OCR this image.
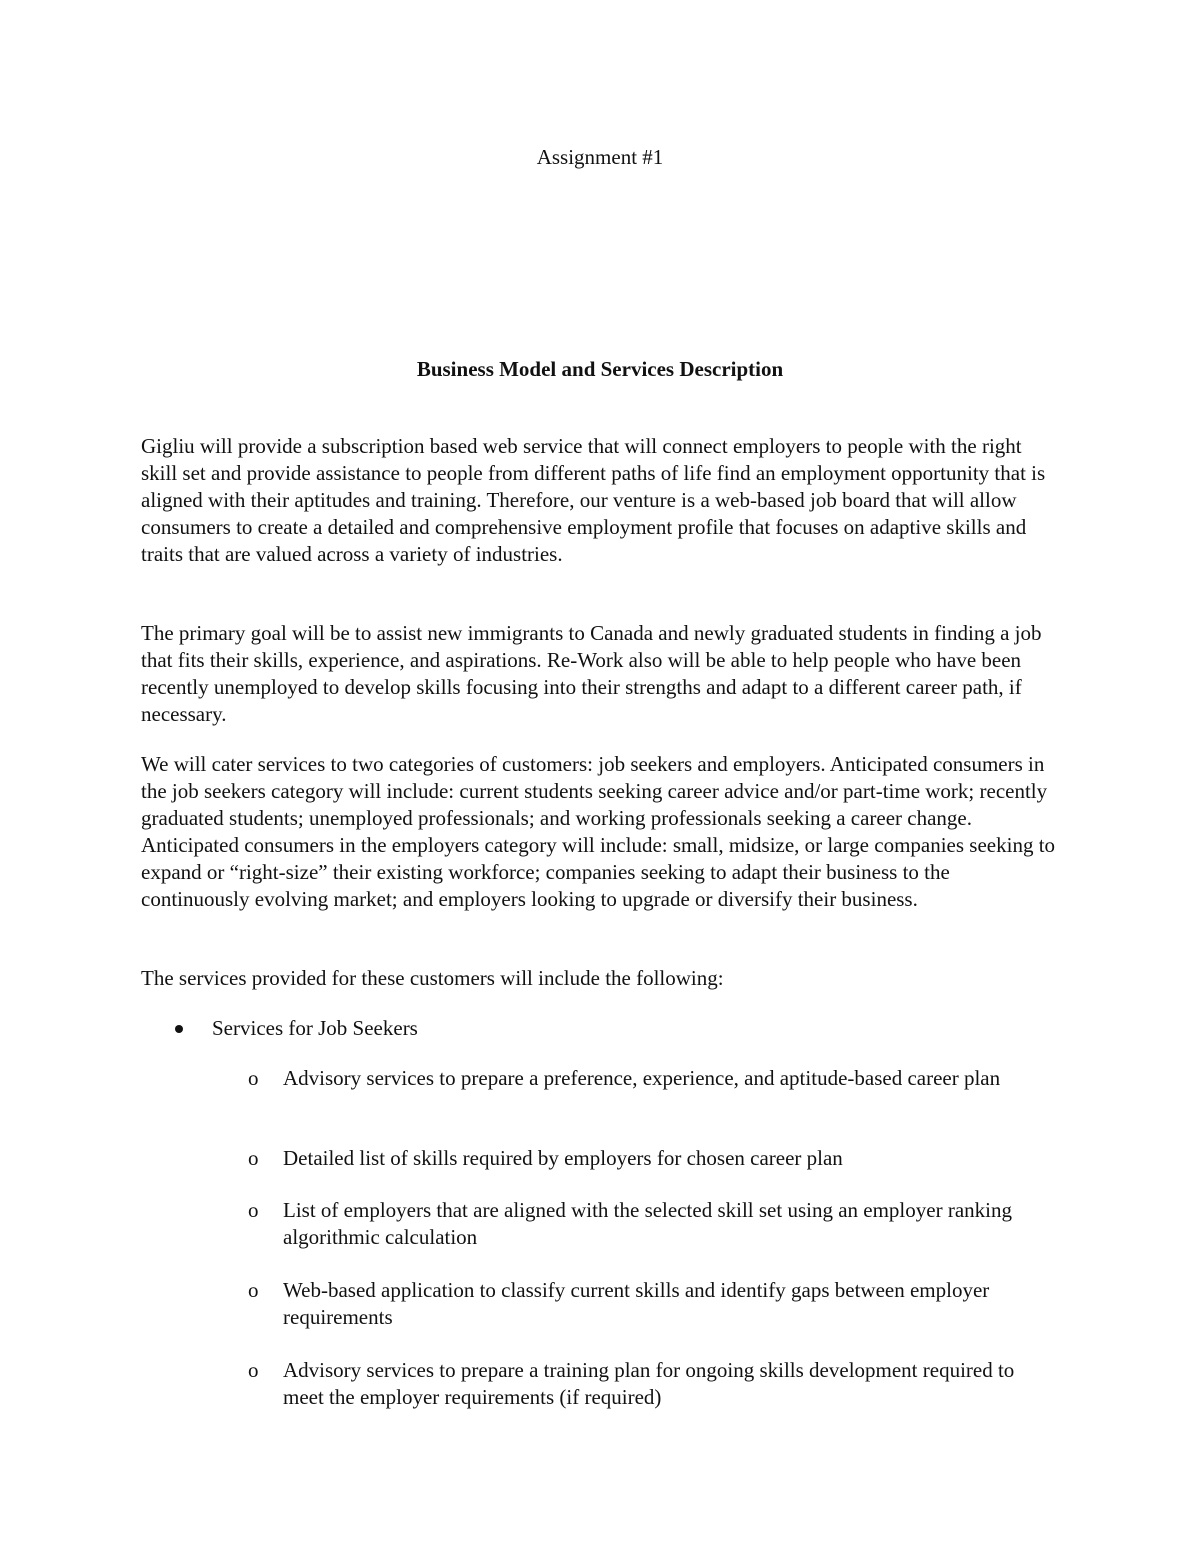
Assignment #1
Business Model and Services Description

Gigliu will provide a subscription based web service that will connect employers to people with the right skill set and provide assistance to people from different paths of life find an employment opportunity that is aligned with their aptitudes and training. Therefore, our venture is a web-based job board that will allow consumers to create a detailed and comprehensive employment profile that focuses on adaptive skills and traits that are valued across a variety of industries.

The primary goal will be to assist new immigrants to Canada and newly graduated students in finding a job that fits their skills, experience, and aspirations. Re-Work also will be able to help people who have been recently unemployed to develop skills focusing into their strengths and adapt to a different career path, if necessary.

We will cater services to two categories of customers: job seekers and employers. Anticipated consumers in the job seekers category will include: current students seeking career advice and/or part-time work; recently graduated students; unemployed professionals; and working professionals seeking a career change. Anticipated consumers in the employers category will include: small, midsize, or large companies seeking to expand or “right-size” their existing workforce; companies seeking to adapt their business to the continuously evolving market; and employers looking to upgrade or diversify their business.

The services provided for these customers will include the following:

Services for Job Seekers
o Advisory services to prepare a preference, experience, and aptitude-based career plan
o Detailed list of skills required by employers for chosen career plan
o List of employers that are aligned with the selected skill set using an employer ranking algorithmic calculation
o Web-based application to classify current skills and identify gaps between employer requirements
o Advisory services to prepare a training plan for ongoing skills development required to meet the employer requirements (if required)
